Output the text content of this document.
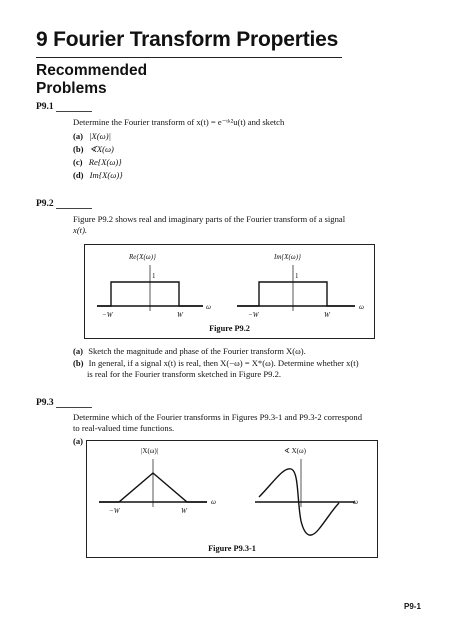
9 Fourier Transform Properties
Recommended
Problems
P9.1
Determine the Fourier transform of x(t) = e⁻ᵗᵏ²u(t) and sketch
(a) |X(ω)|
(b) ∢X(ω)
(c) Re{X(ω)}
(d) Im{X(ω)}
P9.2
Figure P9.2 shows real and imaginary parts of the Fourier transform of a signal
x(t).
Re{X(ω)}
1
−W	W
ω
Im{X(ω)}
1
−W	W
ω
Figure P9.2
(a) Sketch the magnitude and phase of the Fourier transform X(ω).
(b) In general, if a signal x(t) is real, then X(−ω) = X*(ω). Determine whether x(t)
is real for the Fourier transform sketched in Figure P9.2.
P9.3
Determine which of the Fourier transforms in Figures P9.3-1 and P9.3-2 correspond
to real-valued time functions.
(a)
|X(ω)|
−W	W
ω
∢ X(ω)
ω
Figure P9.3-1
P9-1
